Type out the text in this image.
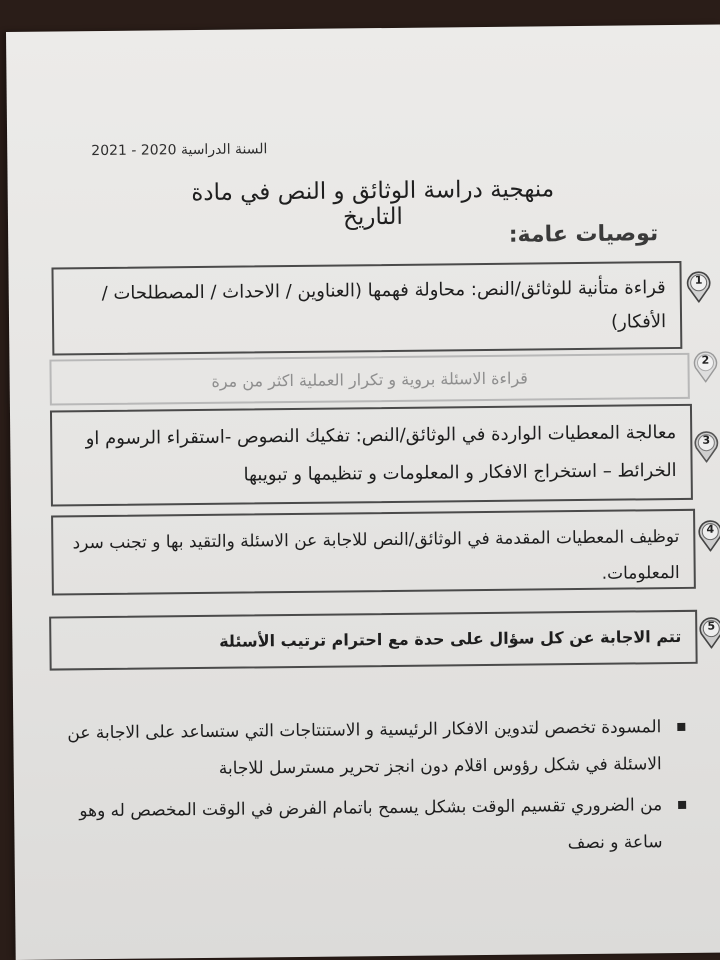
السنة الدراسية 2020 - 2021
منهجية دراسة الوثائق و النص في مادة التاريخ
توصيات عامة:
قراءة متأنية للوثائق/النص: محاولة فهمها (العناوين / الاحداث / المصطلحات /الأفكار)
1
قراءة الاسئلة بروية و تكرار العملية اكثر من مرة
2
معالجة المعطيات الواردة في الوثائق/النص: تفكيك النصوص -استقراء الرسوم او الخرائط – استخراج الافكار و المعلومات و تنظيمها و تبويبها
3
توظيف المعطيات المقدمة في الوثائق/النص للاجابة عن الاسئلة والتقيد بها و تجنب سرد المعلومات.
4
تتم الاجابة عن كل سؤال على حدة مع احترام ترتيب الأسئلة
5
المسودة تخصص لتدوين الافكار الرئيسية و الاستنتاجات التي ستساعد على الاجابة عن الاسئلة في شكل رؤوس اقلام دون انجز تحرير مسترسل للاجابة
من الضروري تقسيم الوقت بشكل يسمح باتمام الفرض في الوقت المخصص له وهو ساعة و نصف
